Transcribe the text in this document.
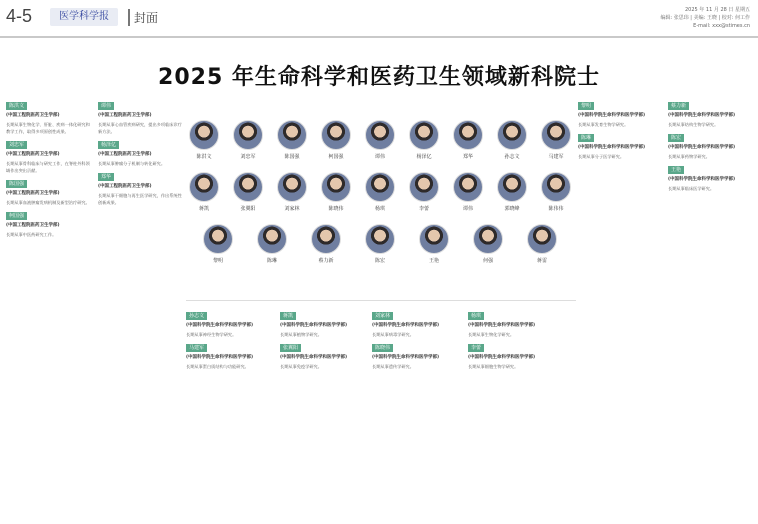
4-5	医学科学报	封面
2025 年 11 月 28 日 星期五
编辑: 张思玮 | 美编: 王晓 | 校对: 何工作
E-mail: xxx@stimes.cn
2025 年生命科学和医药卫生领域新科院士
陈洪文	刘忠军	陈国强	柯国强	谭伟	杨泽亿	郑华	孙志文	马建军
蒋凯	张翼阳	刘家林	陈晓伟	杨琪	李蕾	谭伟	郭晓峰	陈伟伟
黎明	陈琳	蔡力新	陈宏	王艳	何强	蒋雷
陈洪文
(中国工程院医药卫生学部)
长期从事生物化学、肝脏、疾病一体化研究和教学工作，取得多项原创性成果。
刘忠军
(中国工程院医药卫生学部)
长期从事骨科临床与研究工作，在脊柱外科领域作出突出贡献。
陈国强
(中国工程院医药卫生学部)
长期从事血液肿瘤发病机制及新型治疗研究。
柯国强
(中国工程院医药卫生学部)
长期从事中医药研究工作。
谭伟
(中国工程院医药卫生学部)
长期从事心血管疾病研究，提出多项临床诊疗新方法。
杨泽亿
(中国工程院医药卫生学部)
长期从事肿瘤分子机制与转化研究。
郑华
(中国工程院医药卫生学部)
长期从事干细胞与再生医学研究，作出系统性创新成果。
孙志文
(中国科学院生命科学和医学学部)
长期从事神经生物学研究。
马建军
(中国科学院生命科学和医学学部)
长期从事蛋白质结构与功能研究。
蒋凯
(中国科学院生命科学和医学学部)
长期从事植物学研究。
张翼阳
(中国科学院生命科学和医学学部)
长期从事免疫学研究。
刘家林
(中国科学院生命科学和医学学部)
长期从事病毒学研究。
陈晓伟
(中国科学院生命科学和医学学部)
长期从事遗传学研究。
杨琪
(中国科学院生命科学和医学学部)
长期从事生物化学研究。
李蕾
(中国科学院生命科学和医学学部)
长期从事细胞生物学研究。
黎明
(中国科学院生命科学和医学学部)
长期从事发育生物学研究。
陈琳
(中国科学院生命科学和医学学部)
长期从事分子医学研究。
蔡力新
(中国科学院生命科学和医学学部)
长期从事结构生物学研究。
陈宏
(中国科学院生命科学和医学学部)
长期从事药物学研究。
王艳
(中国科学院生命科学和医学学部)
长期从事临床医学研究。
